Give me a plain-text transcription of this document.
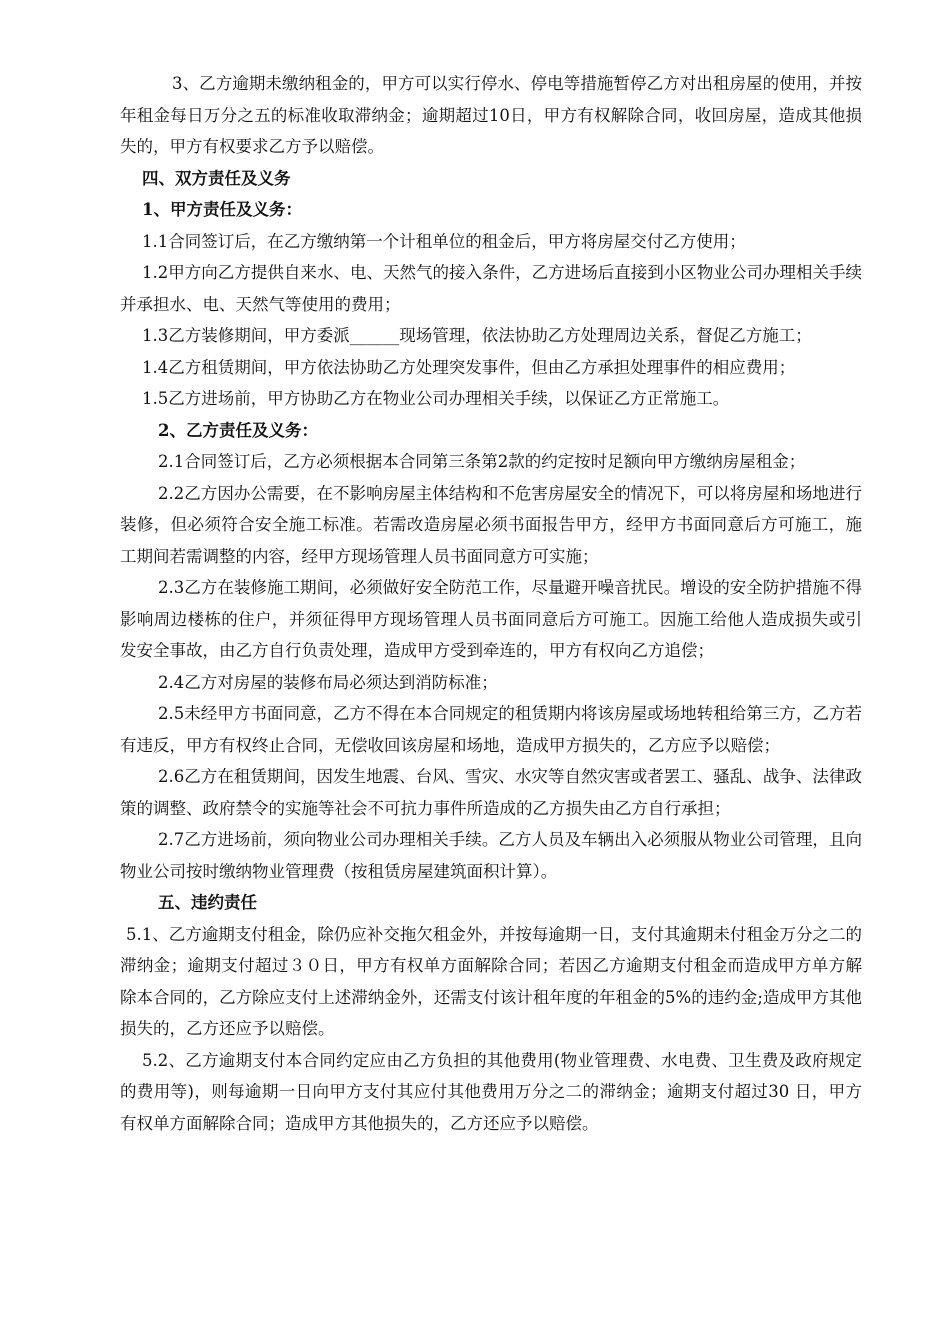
3、乙方逾期未缴纳租金的，甲方可以实行停水、停电等措施暂停乙方对出租房屋的使用，并按年租金每日万分之五的标准收取滞纳金；逾期超过10日，甲方有权解除合同，收回房屋，造成其他损失的，甲方有权要求乙方予以赔偿。

四、双方责任及义务

1、甲方责任及义务：

1.1合同签订后，在乙方缴纳第一个计租单位的租金后，甲方将房屋交付乙方使用；

1.2甲方向乙方提供自来水、电、天然气的接入条件，乙方进场后直接到小区物业公司办理相关手续并承担水、电、天然气等使用的费用；

1.3乙方装修期间，甲方委派______现场管理，依法协助乙方处理周边关系，督促乙方施工；

1.4乙方租赁期间，甲方依法协助乙方处理突发事件，但由乙方承担处理事件的相应费用；

1.5乙方进场前，甲方协助乙方在物业公司办理相关手续，以保证乙方正常施工。

2、乙方责任及义务：

2.1合同签订后，乙方必须根据本合同第三条第2款的约定按时足额向甲方缴纳房屋租金；

2.2乙方因办公需要，在不影响房屋主体结构和不危害房屋安全的情况下，可以将房屋和场地进行装修，但必须符合安全施工标准。若需改造房屋必须书面报告甲方，经甲方书面同意后方可施工，施工期间若需调整的内容，经甲方现场管理人员书面同意方可实施；

2.3乙方在装修施工期间，必须做好安全防范工作，尽量避开噪音扰民。增设的安全防护措施不得影响周边楼栋的住户，并须征得甲方现场管理人员书面同意后方可施工。因施工给他人造成损失或引发安全事故，由乙方自行负责处理，造成甲方受到牵连的，甲方有权向乙方追偿；

2.4乙方对房屋的装修布局必须达到消防标准；

2.5未经甲方书面同意，乙方不得在本合同规定的租赁期内将该房屋或场地转租给第三方，乙方若有违反，甲方有权终止合同，无偿收回该房屋和场地，造成甲方损失的，乙方应予以赔偿；

2.6乙方在租赁期间，因发生地震、台风、雪灾、水灾等自然灾害或者罢工、骚乱、战争、法律政策的调整、政府禁令的实施等社会不可抗力事件所造成的乙方损失由乙方自行承担；

2.7乙方进场前，须向物业公司办理相关手续。乙方人员及车辆出入必须服从物业公司管理，且向物业公司按时缴纳物业管理费（按租赁房屋建筑面积计算）。

五、违约责任

5.1、乙方逾期支付租金，除仍应补交拖欠租金外，并按每逾期一日，支付其逾期未付租金万分之二的滞纳金；逾期支付超过３０日，甲方有权单方面解除合同；若因乙方逾期支付租金而造成甲方单方解除本合同的，乙方除应支付上述滞纳金外，还需支付该计租年度的年租金的5%的违约金;造成甲方其他损失的，乙方还应予以赔偿。

5.2、乙方逾期支付本合同约定应由乙方负担的其他费用(物业管理费、水电费、卫生费及政府规定的费用等)，则每逾期一日向甲方支付其应付其他费用万分之二的滞纳金；逾期支付超过30 日，甲方有权单方面解除合同；造成甲方其他损失的，乙方还应予以赔偿。
